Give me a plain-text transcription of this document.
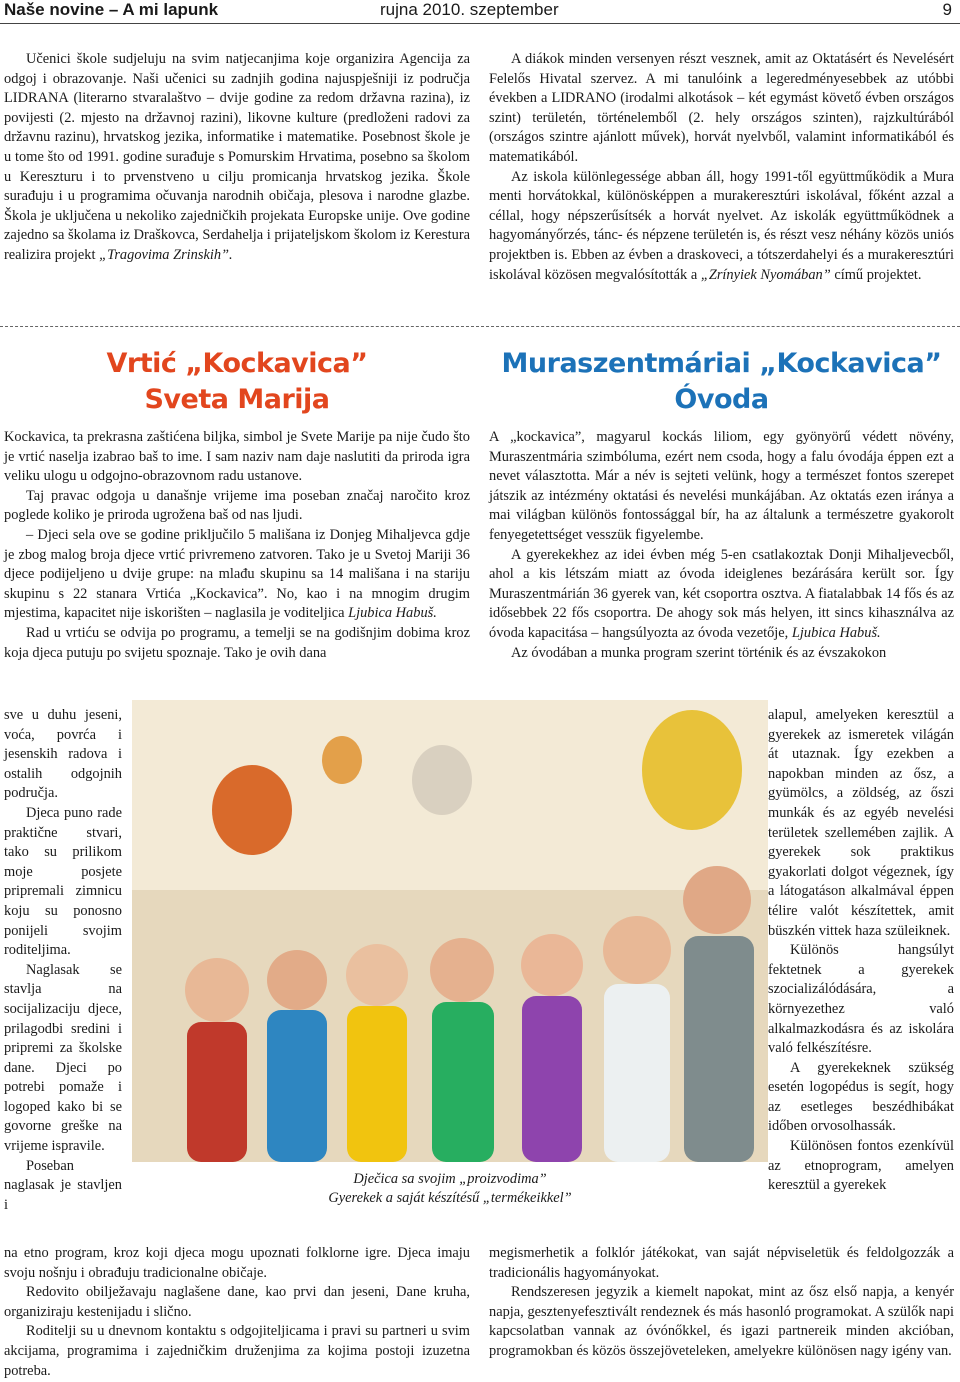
Naše novine – A mi lapunk	rujna 2010. szeptember	9

Učenici škole sudjeluju na svim natjecanjima koje organizira Agencija za odgoj i obrazovanje. Naši učenici su zadnjih godina najuspješniji iz područja LIDRANA (literarno stvaralaštvo – dvije godine za redom državna razina), iz povijesti (2. mjesto na državnoj razini), likovne kulture (predloženi radovi za državnu razinu), hrvatskog jezika, informatike i matematike. Posebnost škole je u tome što od 1991. godine surađuje s Pomurskim Hrvatima, posebno sa školom u Kereszturu i to prvenstveno u cilju promicanja hrvatskog jezika. Škole surađuju i u programima očuvanja narodnih običaja, plesova i narodne glazbe. Škola je uključena u nekoliko zajedničkih projekata Europske unije. Ove godine zajedno sa školama iz Draškovca, Serdahelja i prijateljskom školom iz Kerestura realizira projekt „Tragovima Zrinskih”.

A diákok minden versenyen részt vesznek, amit az Oktatásért és Nevelésért Felelős Hivatal szervez. A mi tanulóink a legeredményesebbek az utóbbi években a LIDRANO (irodalmi alkotások – két egymást követő évben országos szint) területén, történelemből (2. hely országos szinten), rajzkultúrából (országos szintre ajánlott művek), horvát nyelvből, valamint informatikából és matematikából.

Az iskola különlegessége abban áll, hogy 1991-től együttműködik a Mura menti horvátokkal, különösképpen a murakeresztúri iskolával, főként azzal a céllal, hogy népszerűsítsék a horvát nyelvet. Az iskolák együttműködnek a hagyományőrzés, tánc- és népzene területén is, és részt vesz néhány közös uniós projektben is. Ebben az évben a draskoveci, a tótszerdahelyi és a murakeresztúri iskolával közösen megvalósították a „Zrínyiek Nyomában” című projektet.

Vrtić „Kockavica”
Sveta Marija
Muraszentmáriai „Kockavica”
Óvoda

Kockavica, ta prekrasna zaštićena biljka, simbol je Svete Marije pa nije čudo što je vrtić naselja izabrao baš to ime. I sam naziv nam daje naslutiti da priroda igra veliku ulogu u odgojno-obrazovnom radu ustanove.

Taj pravac odgoja u današnje vrijeme ima poseban značaj naročito kroz poglede koliko je priroda ugrožena baš od nas ljudi.

– Djeci sela ove se godine priključilo 5 mališana iz Donjeg Mihaljevca gdje je zbog malog broja djece vrtić privremeno zatvoren. Tako je u Svetoj Mariji 36 djece podijeljeno u dvije grupe: na mlađu skupinu sa 14 mališana i na stariju skupinu s 22 stanara Vrtića „Kockavica”. No, kao i na mnogim drugim mjestima, kapacitet nije iskorišten – naglasila je voditeljica Ljubica Habuš.

Rad u vrtiću se odvija po programu, a temelji se na godišnjim dobima kroz koja djeca putuju po svijetu spoznaje. Tako je ovih dana

sve u duhu jeseni, voća, povrća i jesenskih radova i ostalih odgojnih područja.

Djeca puno rade praktične stvari, tako su prilikom moje posjete pripremali zimnicu koju su ponosno ponijeli svojim roditeljima.

Naglasak se stavlja na socijalizaciju djece, prilagodbi sredini i pripremi za školske dane. Djeci po potrebi pomaže i logoped kako bi se govorne greške na vrijeme ispravile.

Poseban naglasak je stavljen i

na etno program, kroz koji djeca mogu upoznati folklorne igre. Djeca imaju svoju nošnju i obrađuju tradicionalne običaje.

Redovito obilježavaju naglašene dane, kao prvi dan jeseni, Dane kruha, organiziraju kestenijadu i slično.

Roditelji su u dnevnom kontaktu s odgojiteljicama i pravi su partneri u svim akcijama, programima i zajedničkim druženjima za kojima postoji izuzetna potreba.

A „kockavica”, magyarul kockás liliom, egy gyönyörű védett növény, Muraszentmária szimbóluma, ezért nem csoda, hogy a falu óvodája éppen ezt a nevet választotta. Már a név is sejteti velünk, hogy a természet fontos szerepet játszik az intézmény oktatási és nevelési munkájában. Az oktatás ezen iránya a mai világban különös fontossággal bír, ha az általunk a természetre gyakorolt fenyegetettséget vesszük figyelembe.

A gyerekekhez az idei évben még 5-en csatlakoztak Donji Mihaljevecből, ahol a kis létszám miatt az óvoda ideiglenes bezárására került sor. Így Muraszentmárián 36 gyerek van, két csoportra osztva. A fiatalabbak 14 fős és az idősebbek 22 fős csoportra. De ahogy sok más helyen, itt sincs kihasználva az óvoda kapacitása – hangsúlyozta az óvoda vezetője, Ljubica Habuš.

Az óvodában a munka program szerint történik és az évszakokon

alapul, amelyeken keresztül a gyerekek az ismeretek világán át utaznak. Így ezekben a napokban minden az ősz, a gyümölcs, a zöldség, az őszi munkák és az egyéb nevelési területek szellemében zajlik. A gyerekek sok praktikus gyakorlati dolgot végeznek, így a látogatáson alkalmával éppen télire valót készítettek, amit büszkén vittek haza szüleiknek.

Különös hangsúlyt fektetnek a gyerekek szocializálódására, a környezethez való alkalmazkodásra és az iskolára való felkészítésre.

A gyerekeknek szükség esetén logopédus is segít, hogy az esetleges beszédhibákat időben orvosolhassák.

Különösen fontos ezenkívül az etnoprogram, amelyen keresztül a gyerekek

megismerhetik a folklór játékokat, van saját népviseletük és feldolgozzák a tradicionális hagyományokat.

Rendszeresen jegyzik a kiemelt napokat, mint az ősz első napja, a kenyér napja, gesztenyefesztivált rendeznek és más hasonló programokat. A szülők napi kapcsolatban vannak az óvónőkkel, és igazi partnereik minden akcióban, programokban és közös összejöveteleken, amelyekre különösen nagy igény van.

Dječica sa svojim „proizvodima”
Gyerekek a saját készítésű „termékeikkel”
